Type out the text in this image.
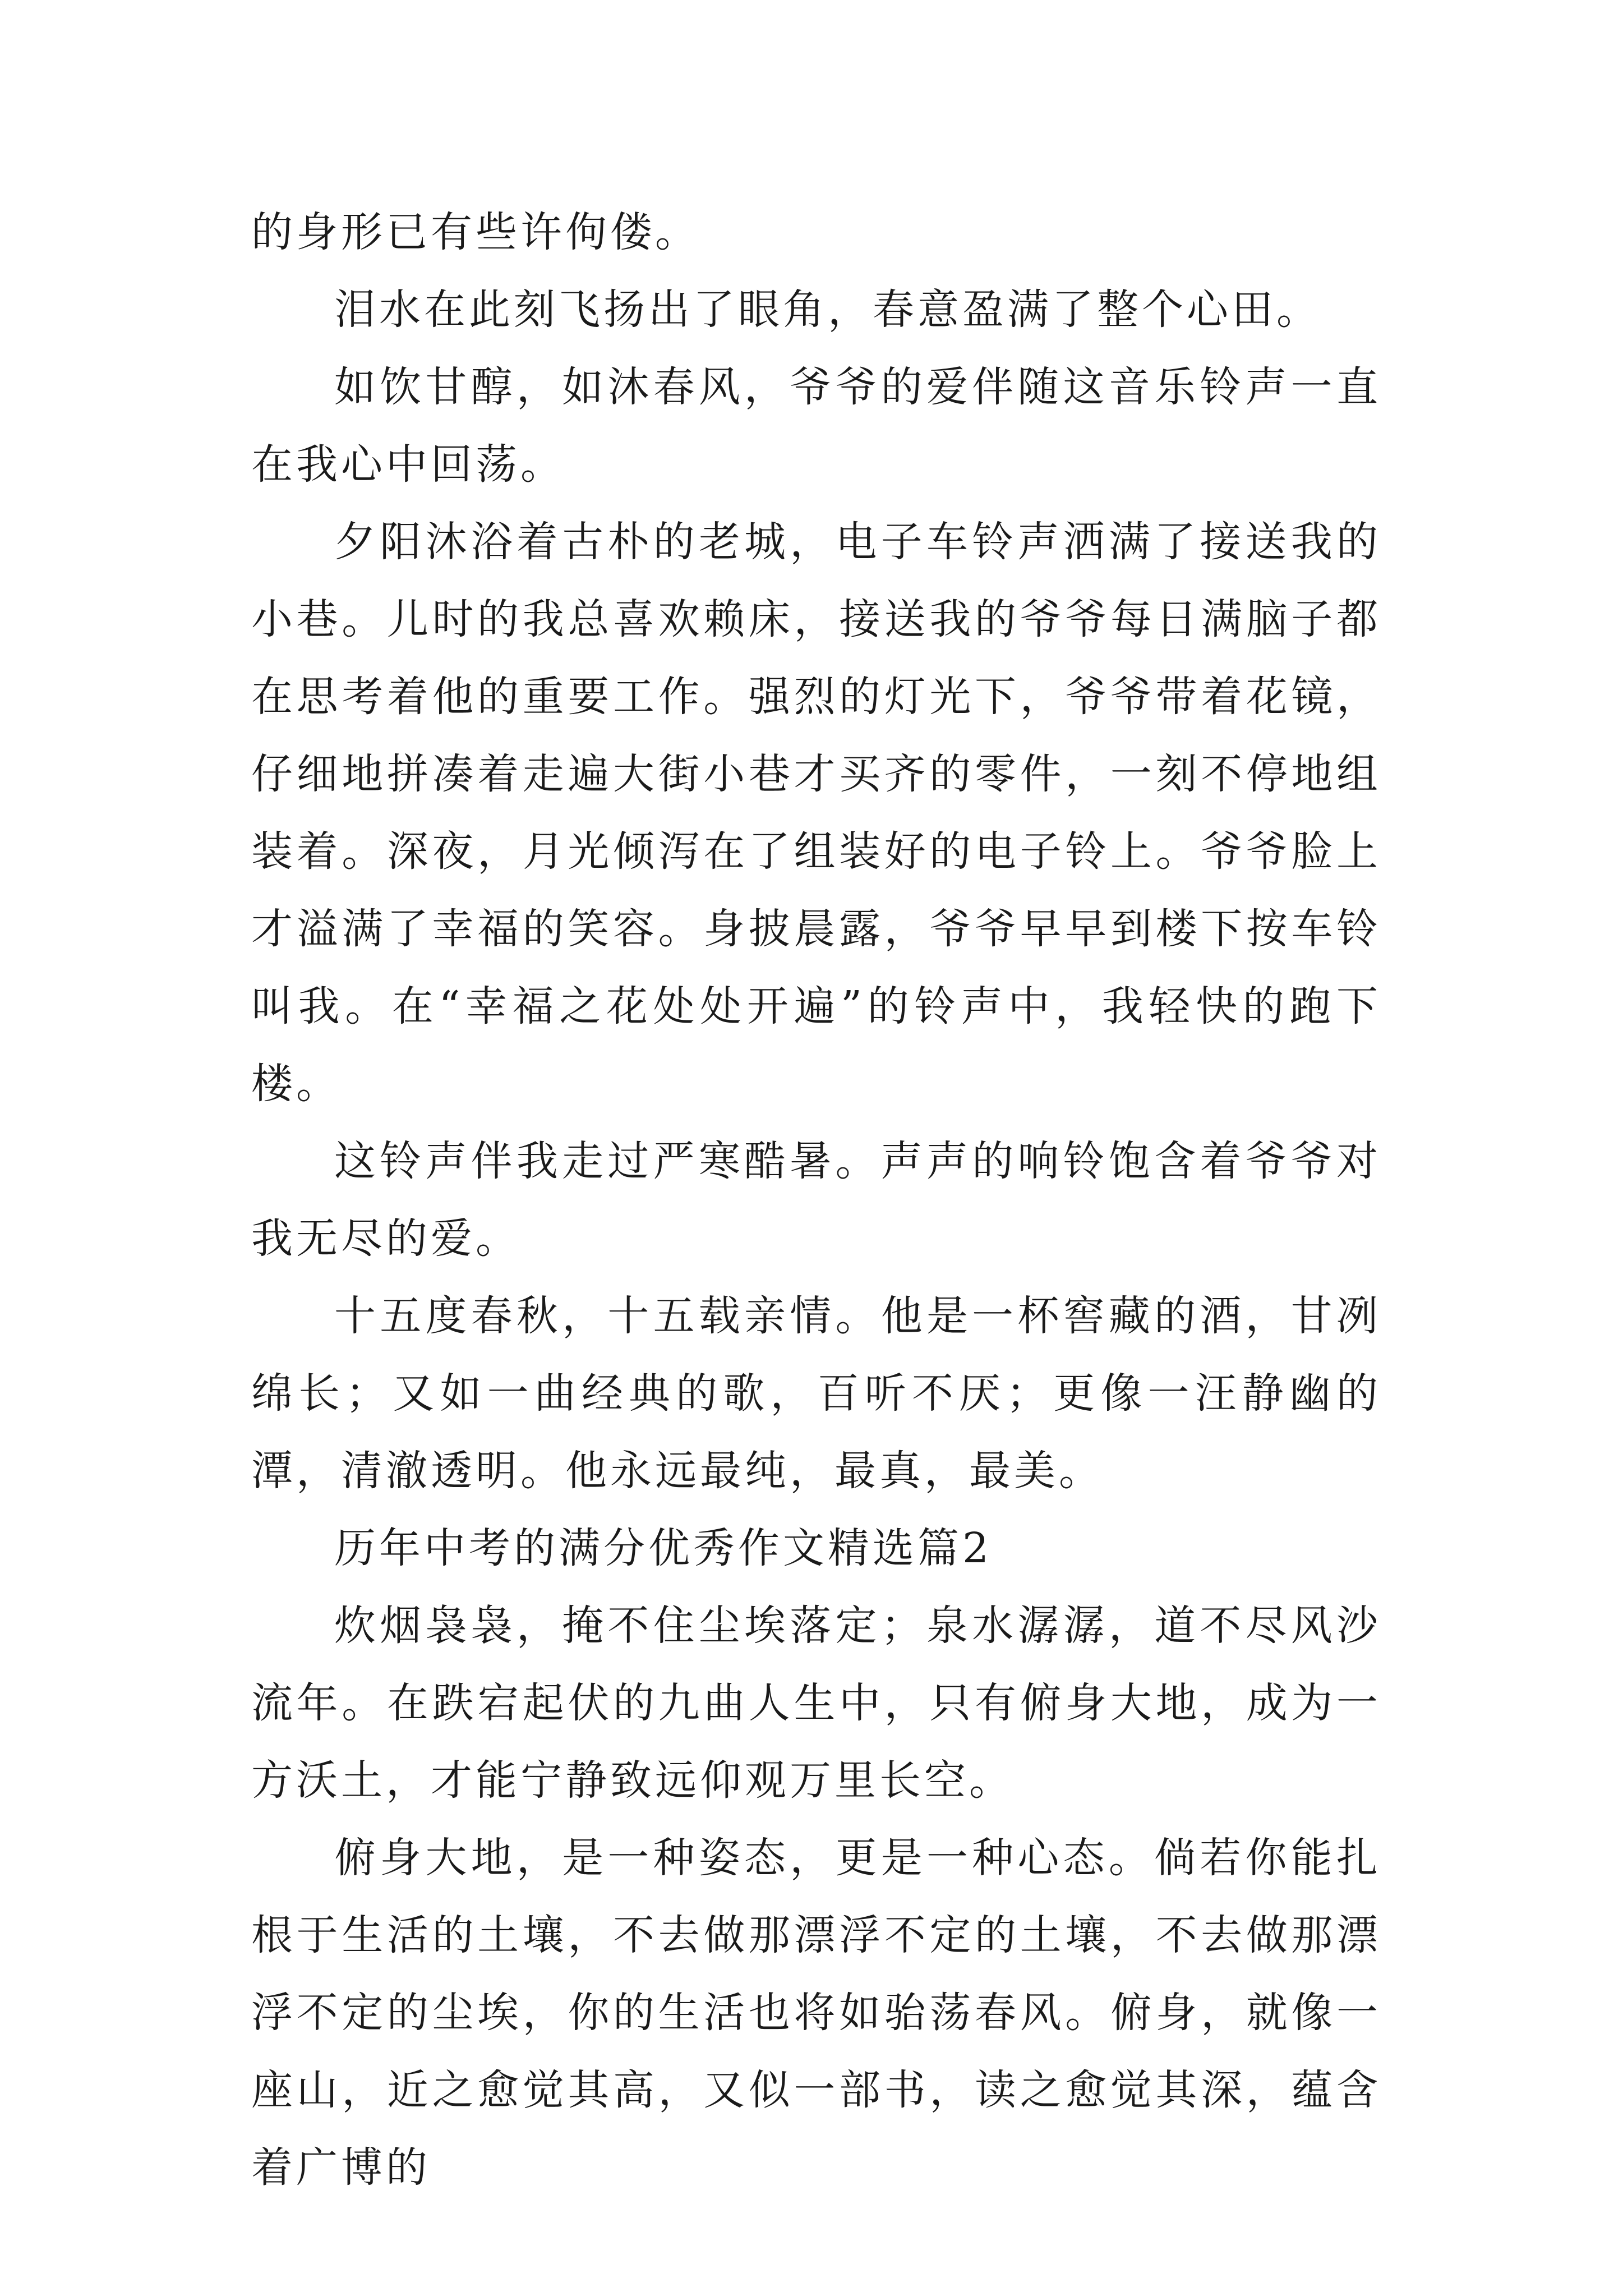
的身形已有些许佝偻。

泪水在此刻飞扬出了眼角，春意盈满了整个心田。

如饮甘醇，如沐春风，爷爷的爱伴随这音乐铃声一直在我心中回荡。

夕阳沐浴着古朴的老城，电子车铃声洒满了接送我的小巷。儿时的我总喜欢赖床，接送我的爷爷每日满脑子都在思考着他的重要工作。强烈的灯光下，爷爷带着花镜，仔细地拼凑着走遍大街小巷才买齐的零件，一刻不停地组装着。深夜，月光倾泻在了组装好的电子铃上。爷爷脸上才溢满了幸福的笑容。身披晨露，爷爷早早到楼下按车铃叫我。在“幸福之花处处开遍”的铃声中，我轻快的跑下楼。

这铃声伴我走过严寒酷暑。声声的响铃饱含着爷爷对我无尽的爱。

十五度春秋，十五载亲情。他是一杯窖藏的酒，甘冽绵长；又如一曲经典的歌，百听不厌；更像一汪静幽的潭，清澈透明。他永远最纯，最真，最美。

历年中考的满分优秀作文精选篇2

炊烟袅袅，掩不住尘埃落定；泉水潺潺，道不尽风沙流年。在跌宕起伏的九曲人生中，只有俯身大地，成为一方沃土，才能宁静致远仰观万里长空。

俯身大地，是一种姿态，更是一种心态。倘若你能扎根于生活的土壤，不去做那漂浮不定的土壤，不去做那漂浮不定的尘埃，你的生活也将如骀荡春风。俯身，就像一座山，近之愈觉其高，又似一部书，读之愈觉其深，蕴含着广博的
